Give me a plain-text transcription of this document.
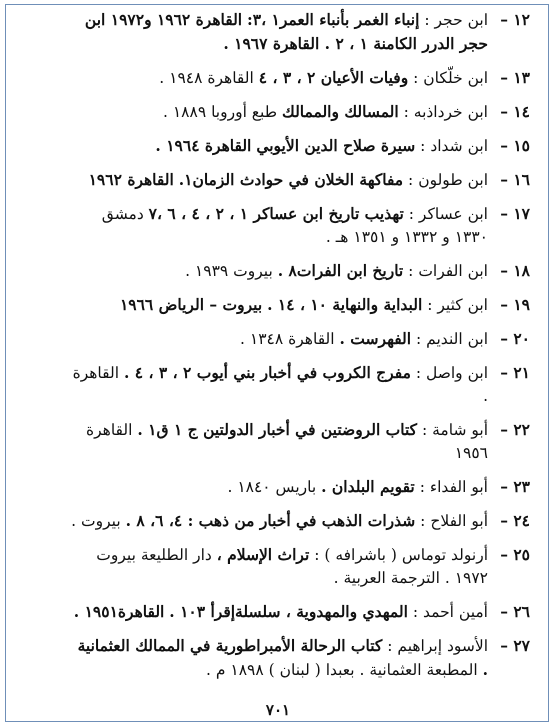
١٢ –
ابن حجر : إنباء الغمر بأنباء العمر١ ،٣: القاهرة ١٩٦٢ و١٩٧٢ ابن حجر الدرر الكامنة ١ ، ٢ . القاهرة ١٩٦٧ .
١٣ –
ابن خلّكان : وفيات الأعيان ٢ ، ٣ ، ٤ القاهرة ١٩٤٨ .
١٤ –
ابن خرداذبه : المسالك والممالك طبع أوروبا ١٨٨٩ .
١٥ –
ابن شداد : سيرة صلاح الدين الأيوبي القاهرة ١٩٦٤ .
١٦ –
ابن طولون : مفاكهة الخلان في حوادث الزمان١. القاهرة ١٩٦٢
١٧ –
ابن عساكر : تهذيب تاريخ ابن عساكر ١ ، ٢ ، ٤ ، ٦ ،٧ دمشق ١٣٣٠ و ١٣٣٢ و ١٣٥١ هـ .
١٨ –
ابن الفرات : تاريخ ابن الفرات٨ . بيروت ١٩٣٩ .
١٩ –
ابن كثير : البداية والنهاية ١٠ ، ١٤ . بيروت – الرياض ١٩٦٦
٢٠ –
ابن النديم : الفهرست . القاهرة ١٣٤٨ .
٢١ –
ابن واصل : مفرج الكروب في أخبار بني أيوب ٢ ، ٣ ، ٤ . القاهرة .
٢٢ –
أبو شامة : كتاب الروضتين في أخبار الدولتين ج ١ ق١ . القاهرة ١٩٥٦
٢٣ –
أبو الفداء : تقويم البلدان . باريس ١٨٤٠ .
٢٤ –
أبو الفلاح : شذرات الذهب في أخبار من ذهب : ٤، ٦، ٨ . بيروت .
٢٥ –
أرنولد توماس ( باشرافه ) : تراث الإسلام ، دار الطليعة بيروت ١٩٧٢ . الترجمة العربية .
٢٦ –
أمين أحمد : المهدي والمهدوية ، سلسلةإقرأ ١٠٣ . القاهرة١٩٥١ .
٢٧ –
الأسود إبراهيم : كتاب الرحالة الأمبراطورية في الممالك العثمانية . المطبعة العثمانية . بعبدا ( لبنان ) ١٨٩٨ م .
٧٠١
